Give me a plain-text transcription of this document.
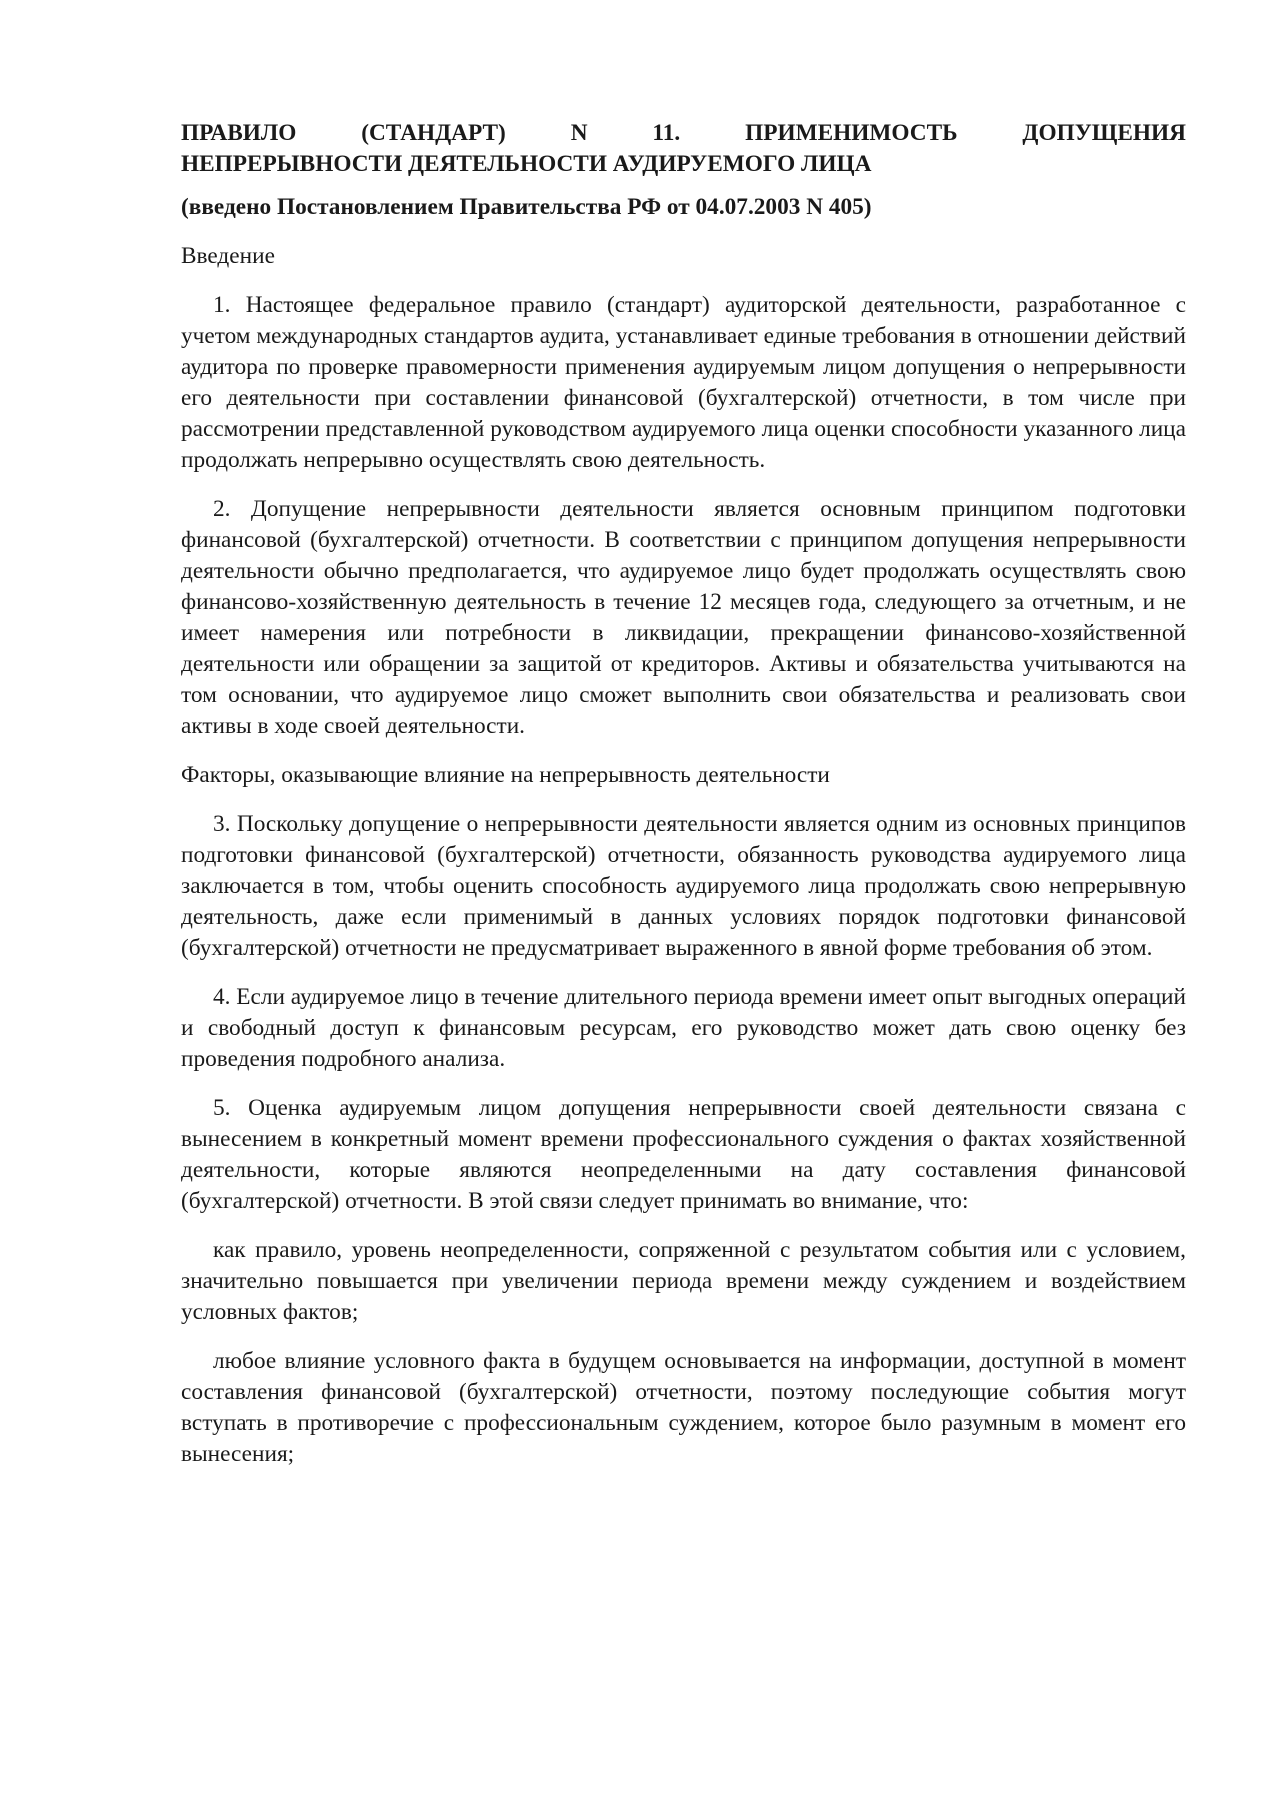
ПРАВИЛО (СТАНДАРТ) N 11. ПРИМЕНИМОСТЬ ДОПУЩЕНИЯ
НЕПРЕРЫВНОСТИ ДЕЯТЕЛЬНОСТИ АУДИРУЕМОГО ЛИЦА
(введено Постановлением Правительства РФ от 04.07.2003 N 405)
Введение
1. Настоящее федеральное правило (стандарт) аудиторской деятельности, разработанное с учетом международных стандартов аудита, устанавливает единые требования в отношении действий аудитора по проверке правомерности применения аудируемым лицом допущения о непрерывности его деятельности при составлении финансовой (бухгалтерской) отчетности, в том числе при рассмотрении представленной руководством аудируемого лица оценки способности указанного лица продолжать непрерывно осуществлять свою деятельность.
2. Допущение непрерывности деятельности является основным принципом подготовки финансовой (бухгалтерской) отчетности. В соответствии с принципом допущения непрерывности деятельности обычно предполагается, что аудируемое лицо будет продолжать осуществлять свою финансово-хозяйственную деятельность в течение 12 месяцев года, следующего за отчетным, и не имеет намерения или потребности в ликвидации, прекращении финансово-хозяйственной деятельности или обращении за защитой от кредиторов. Активы и обязательства учитываются на том основании, что аудируемое лицо сможет выполнить свои обязательства и реализовать свои активы в ходе своей деятельности.
Факторы, оказывающие влияние на непрерывность деятельности
3. Поскольку допущение о непрерывности деятельности является одним из основных принципов подготовки финансовой (бухгалтерской) отчетности, обязанность руководства аудируемого лица заключается в том, чтобы оценить способность аудируемого лица продолжать свою непрерывную деятельность, даже если применимый в данных условиях порядок подготовки финансовой (бухгалтерской) отчетности не предусматривает выраженного в явной форме требования об этом.
4. Если аудируемое лицо в течение длительного периода времени имеет опыт выгодных операций и свободный доступ к финансовым ресурсам, его руководство может дать свою оценку без проведения подробного анализа.
5. Оценка аудируемым лицом допущения непрерывности своей деятельности связана с вынесением в конкретный момент времени профессионального суждения о фактах хозяйственной деятельности, которые являются неопределенными на дату составления финансовой (бухгалтерской) отчетности. В этой связи следует принимать во внимание, что:
как правило, уровень неопределенности, сопряженной с результатом события или с условием, значительно повышается при увеличении периода времени между суждением и воздействием условных фактов;
любое влияние условного факта в будущем основывается на информации, доступной в момент составления финансовой (бухгалтерской) отчетности, поэтому последующие события могут вступать в противоречие с профессиональным суждением, которое было разумным в момент его вынесения;
